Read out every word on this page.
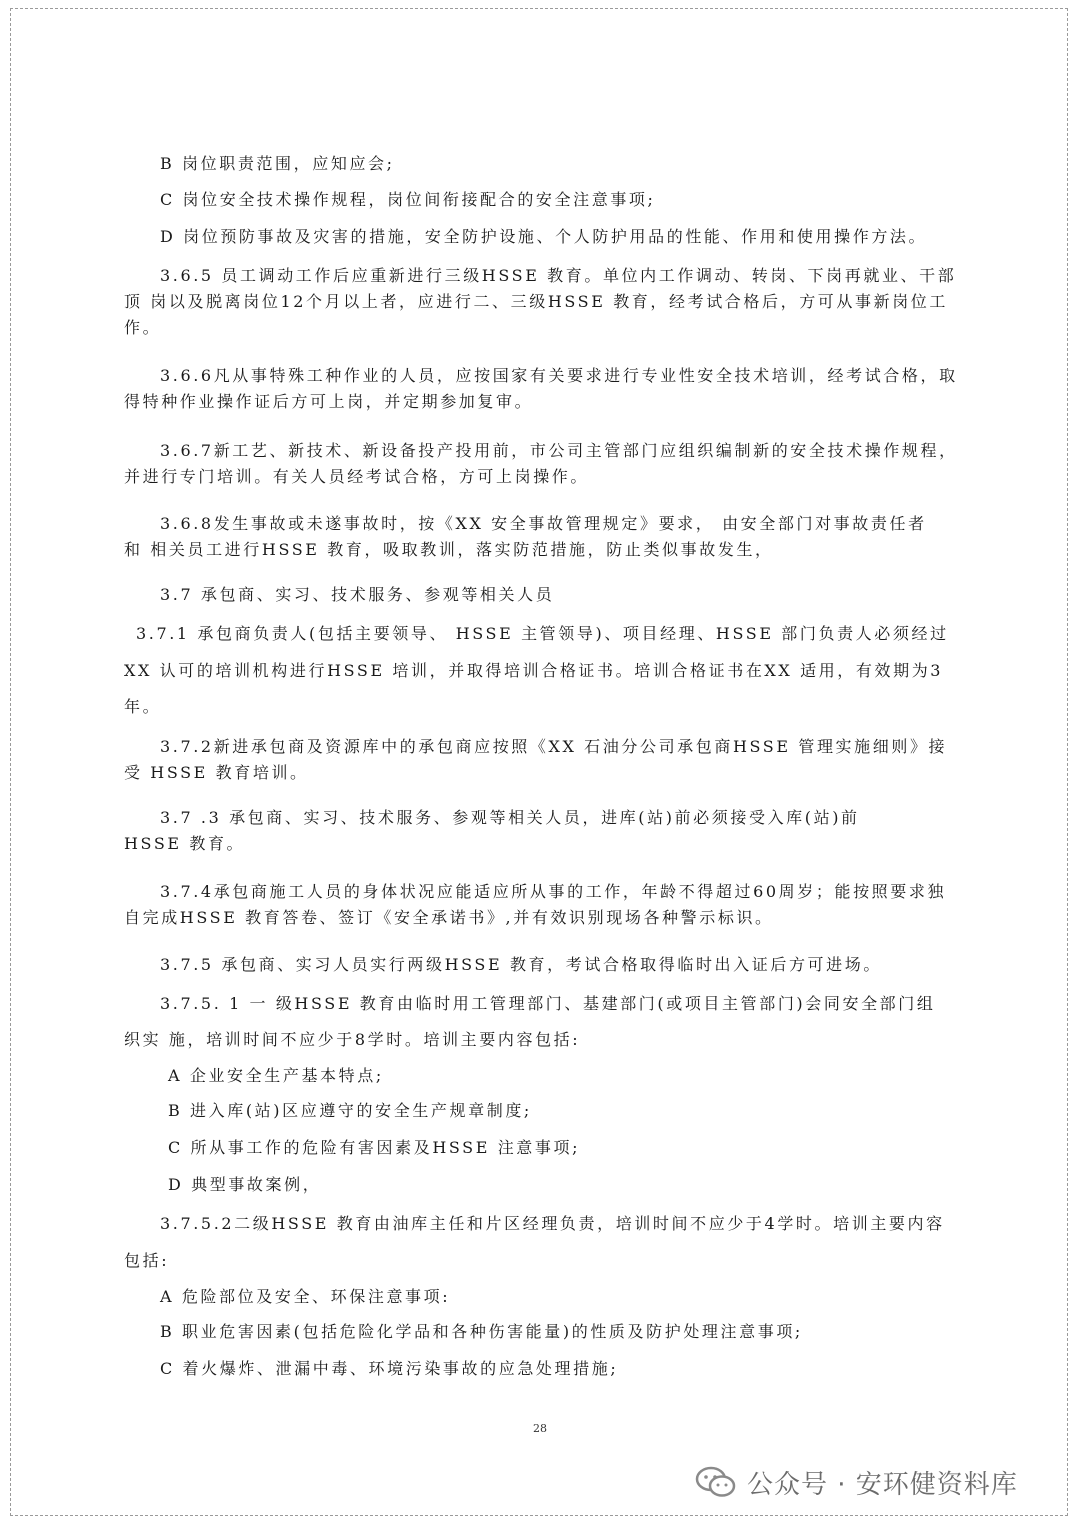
B 岗位职责范围，应知应会;
C 岗位安全技术操作规程，岗位间衔接配合的安全注意事项;
D 岗位预防事故及灾害的措施，安全防护设施、个人防护用品的性能、作用和使用操作方法。
3.6.5 员工调动工作后应重新进行三级HSSE 教育。单位内工作调动、转岗、下岗再就业、干部
顶 岗以及脱离岗位12个月以上者，应进行二、三级HSSE 教育，经考试合格后，方可从事新岗位工
作。
3.6.6凡从事特殊工种作业的人员，应按国家有关要求进行专业性安全技术培训，经考试合格，取
得特种作业操作证后方可上岗，并定期参加复审。
3.6.7新工艺、新技术、新设备投产投用前，市公司主管部门应组织编制新的安全技术操作规程，
并进行专门培训。有关人员经考试合格，方可上岗操作。
3.6.8发生事故或未遂事故时，按《XX 安全事故管理规定》要求， 由安全部门对事故责任者
和 相关员工进行HSSE 教育，吸取教训，落实防范措施，防止类似事故发生，
3.7 承包商、实习、技术服务、参观等相关人员
3.7.1 承包商负责人(包括主要领导、 HSSE 主管领导)、项目经理、HSSE 部门负责人必须经过
XX 认可的培训机构进行HSSE 培训，并取得培训合格证书。培训合格证书在XX 适用，有效期为3
年。
3.7.2新进承包商及资源库中的承包商应按照《XX 石油分公司承包商HSSE 管理实施细则》接
受 HSSE 教育培训。
3.7 .3 承包商、实习、技术服务、参观等相关人员，进库(站)前必须接受入库(站)前
HSSE 教育。
3.7.4承包商施工人员的身体状况应能适应所从事的工作，年龄不得超过60周岁；能按照要求独
自完成HSSE 教育答卷、签订《安全承诺书》,并有效识别现场各种警示标识。
3.7.5 承包商、实习人员实行两级HSSE 教育，考试合格取得临时出入证后方可进场。
3.7.5. 1 一 级HSSE 教育由临时用工管理部门、基建部门(或项目主管部门)会同安全部门组
织实 施，培训时间不应少于8学时。培训主要内容包括:
A 企业安全生产基本特点;
B 进入库(站)区应遵守的安全生产规章制度;
C 所从事工作的危险有害因素及HSSE 注意事项;
D 典型事故案例，
3.7.5.2二级HSSE 教育由油库主任和片区经理负责，培训时间不应少于4学时。培训主要内容
包括:
A 危险部位及安全、环保注意事项:
B 职业危害因素(包括危险化学品和各种伤害能量)的性质及防护处理注意事项;
C 着火爆炸、泄漏中毒、环境污染事故的应急处理措施;
28
公众号 · 安环健资料库
